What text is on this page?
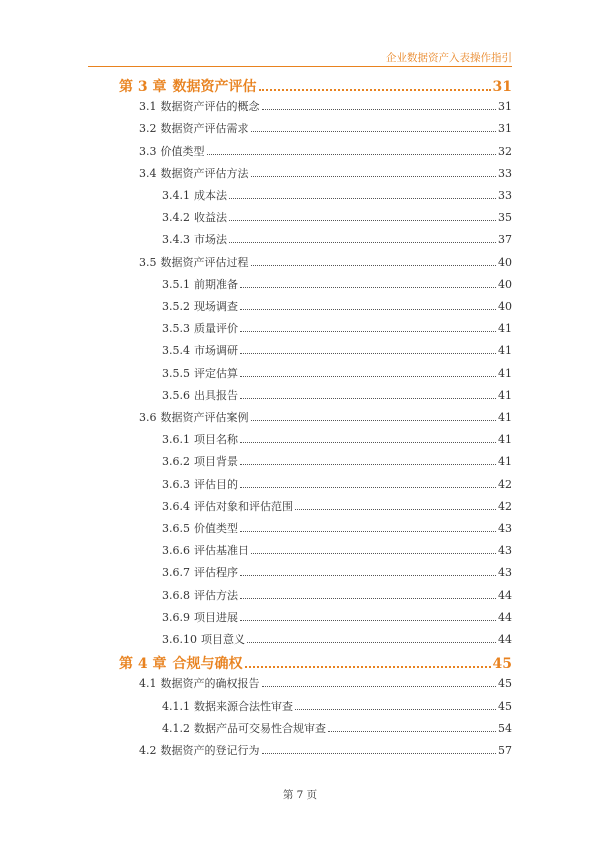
企业数据资产入表操作指引
第 3 章 数据资产评估	31
3.1 数据资产评估的概念	31
3.2 数据资产评估需求	31
3.3 价值类型	32
3.4 数据资产评估方法	33
3.4.1 成本法	33
3.4.2 收益法	35
3.4.3 市场法	37
3.5 数据资产评估过程	40
3.5.1 前期准备	40
3.5.2 现场调查	40
3.5.3 质量评价	41
3.5.4 市场调研	41
3.5.5 评定估算	41
3.5.6 出具报告	41
3.6 数据资产评估案例	41
3.6.1 项目名称	41
3.6.2 项目背景	41
3.6.3 评估目的	42
3.6.4 评估对象和评估范围	42
3.6.5 价值类型	43
3.6.6 评估基准日	43
3.6.7 评估程序	43
3.6.8 评估方法	44
3.6.9 项目进展	44
3.6.10 项目意义	44
第 4 章 合规与确权	45
4.1 数据资产的确权报告	45
4.1.1 数据来源合法性审查	45
4.1.2 数据产品可交易性合规审查	54
4.2 数据资产的登记行为	57
第 7 页
